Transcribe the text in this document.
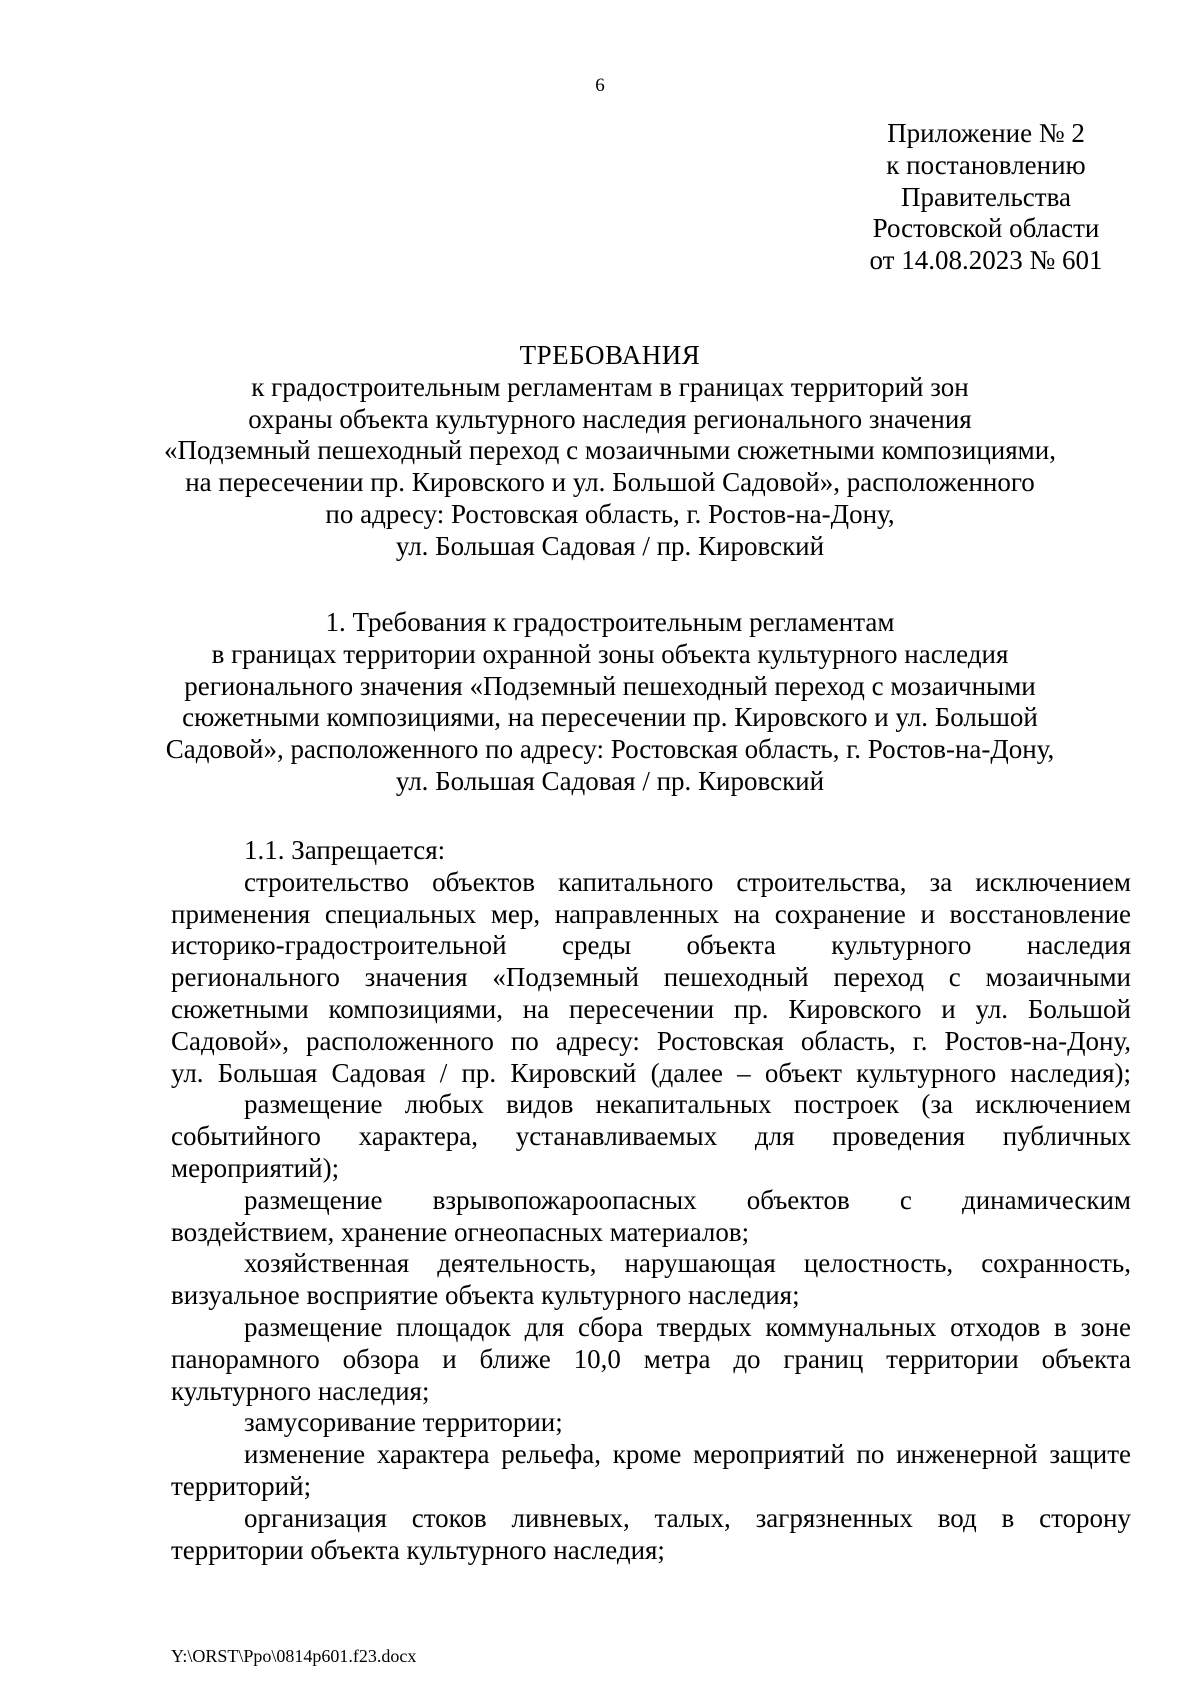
6
Приложение № 2
к постановлению
Правительства
Ростовской области
от 14.08.2023 № 601
ТРЕБОВАНИЯ
к градостроительным регламентам в границах территорий зон
охраны объекта культурного наследия регионального значения
«Подземный пешеходный переход с мозаичными сюжетными композициями,
на пересечении пр. Кировского и ул. Большой Садовой», расположенного
по адресу: Ростовская область, г. Ростов-на-Дону,
ул. Большая Садовая / пр. Кировский
1. Требования к градостроительным регламентам
в границах территории охранной зоны объекта культурного наследия
регионального значения «Подземный пешеходный переход с мозаичными
сюжетными композициями, на пересечении пр. Кировского и ул. Большой
Садовой», расположенного по адресу: Ростовская область, г. Ростов-на-Дону,
ул. Большая Садовая / пр. Кировский
1.1. Запрещается:
строительство объектов капитального строительства, за исключением
применения специальных мер, направленных на сохранение и восстановление
историко-градостроительной среды объекта культурного наследия
регионального значения «Подземный пешеходный переход с мозаичными
сюжетными композициями, на пересечении пр. Кировского и ул. Большой
Садовой», расположенного по адресу: Ростовская область, г. Ростов-на-Дону,
ул. Большая Садовая / пр. Кировский (далее – объект культурного наследия);
размещение любых видов некапитальных построек (за исключением
событийного характера, устанавливаемых для проведения публичных
мероприятий);
размещение взрывопожароопасных объектов с динамическим
воздействием, хранение огнеопасных материалов;
хозяйственная деятельность, нарушающая целостность, сохранность,
визуальное восприятие объекта культурного наследия;
размещение площадок для сбора твердых коммунальных отходов в зоне
панорамного обзора и ближе 10,0 метра до границ территории объекта
культурного наследия;
замусоривание территории;
изменение характера рельефа, кроме мероприятий по инженерной защите
территорий;
организация стоков ливневых, талых, загрязненных вод в сторону
территории объекта культурного наследия;
Y:\ORST\Ppo\0814p601.f23.docx
